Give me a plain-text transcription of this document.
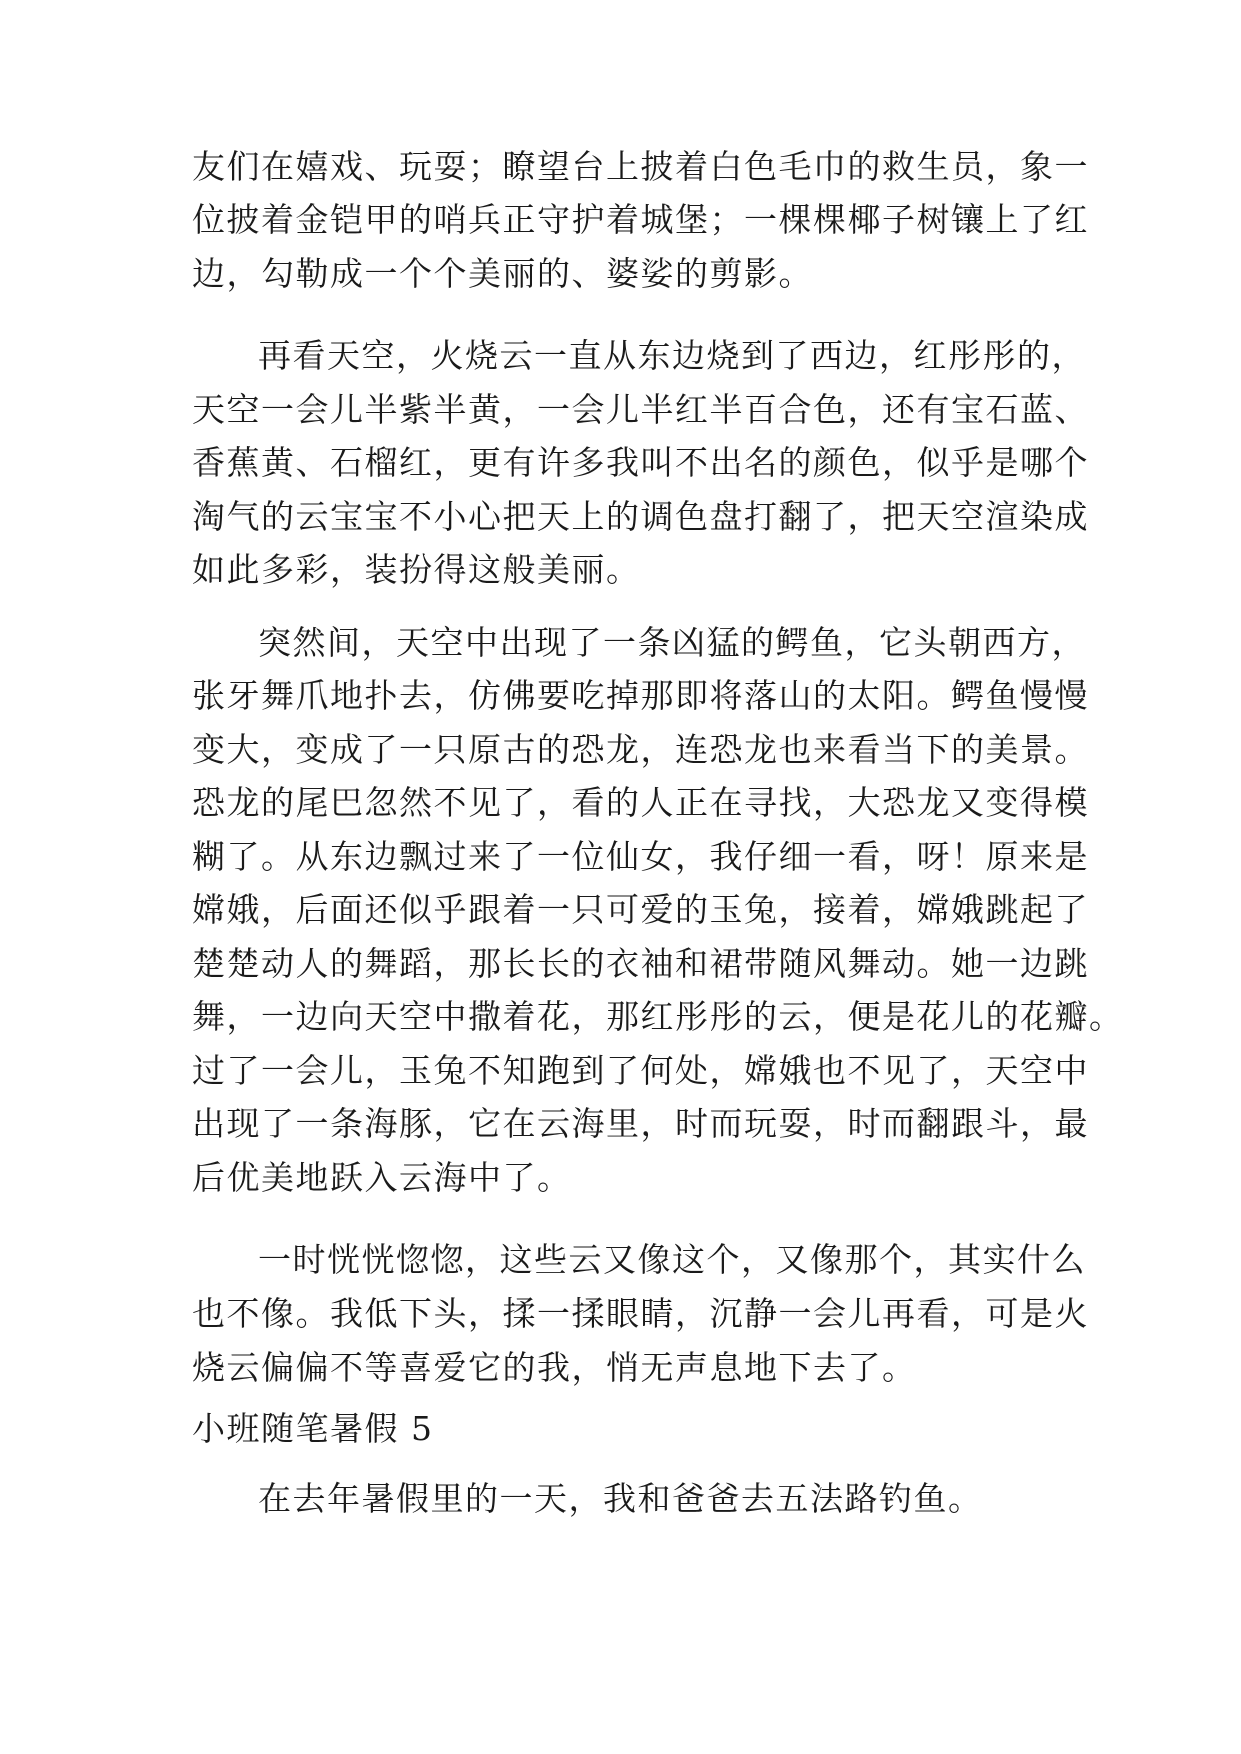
友们在嬉戏、玩耍；瞭望台上披着白色毛巾的救生员，象一
位披着金铠甲的哨兵正守护着城堡；一棵棵椰子树镶上了红
边，勾勒成一个个美丽的、婆娑的剪影。
再看天空，火烧云一直从东边烧到了西边，红彤彤的，
天空一会儿半紫半黄，一会儿半红半百合色，还有宝石蓝、
香蕉黄、石榴红，更有许多我叫不出名的颜色，似乎是哪个
淘气的云宝宝不小心把天上的调色盘打翻了，把天空渲染成
如此多彩，装扮得这般美丽。
突然间，天空中出现了一条凶猛的鳄鱼，它头朝西方，
张牙舞爪地扑去，仿佛要吃掉那即将落山的太阳。鳄鱼慢慢
变大，变成了一只原古的恐龙，连恐龙也来看当下的美景。
恐龙的尾巴忽然不见了，看的人正在寻找，大恐龙又变得模
糊了。从东边飘过来了一位仙女，我仔细一看，呀！原来是
嫦娥，后面还似乎跟着一只可爱的玉兔，接着，嫦娥跳起了
楚楚动人的舞蹈，那长长的衣袖和裙带随风舞动。她一边跳
舞，一边向天空中撒着花，那红彤彤的云，便是花儿的花瓣。
过了一会儿，玉兔不知跑到了何处，嫦娥也不见了，天空中
出现了一条海豚，它在云海里，时而玩耍，时而翻跟斗，最
后优美地跃入云海中了。
一时恍恍惚惚，这些云又像这个，又像那个，其实什么
也不像。我低下头，揉一揉眼睛，沉静一会儿再看，可是火
烧云偏偏不等喜爱它的我，悄无声息地下去了。
小班随笔暑假 5
在去年暑假里的一天，我和爸爸去五法路钓鱼。
